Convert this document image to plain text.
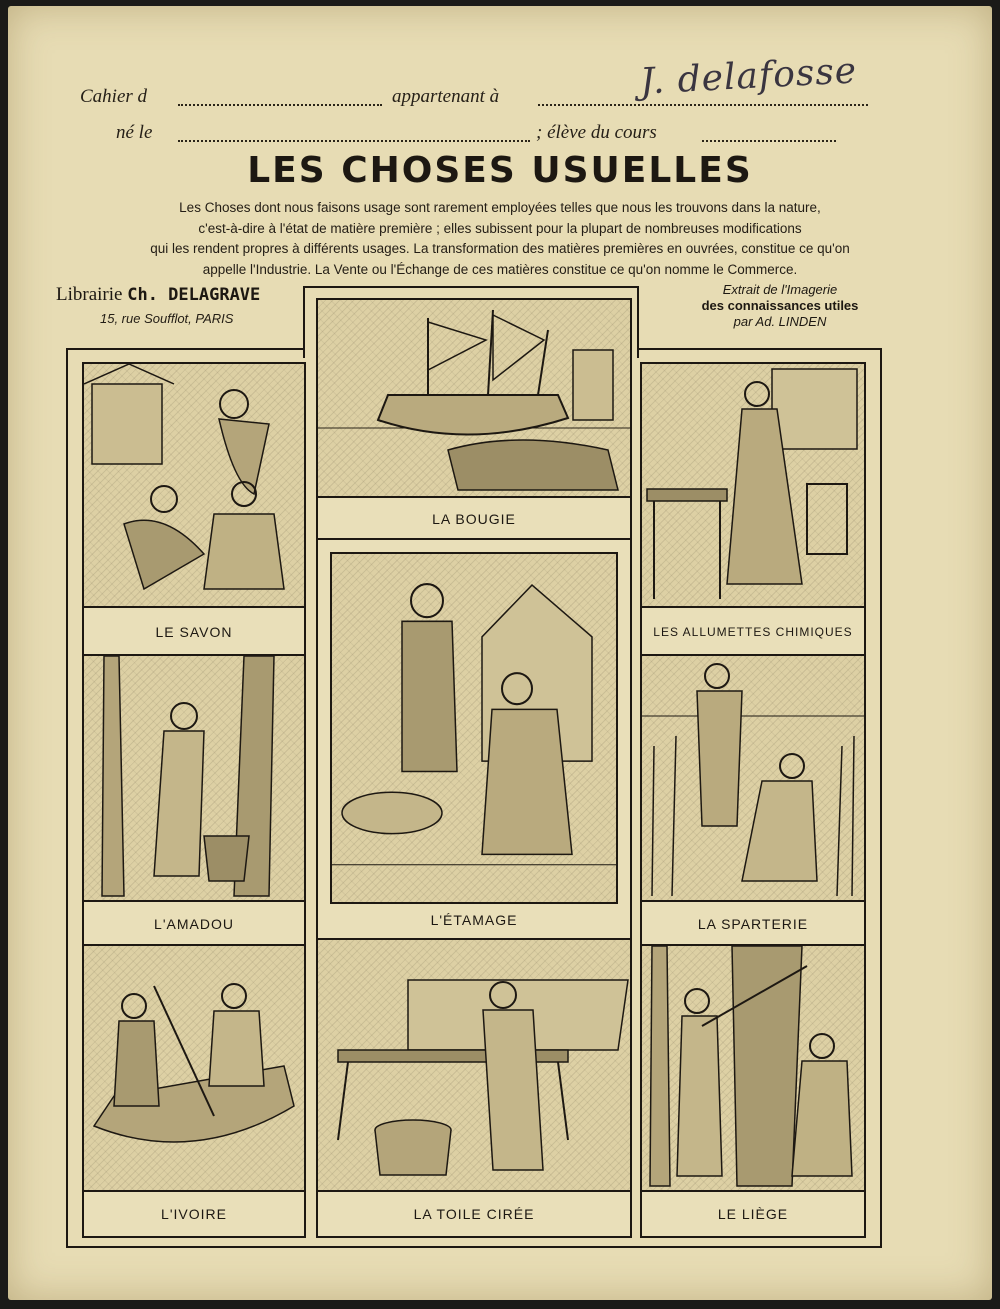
Cahier d	appartenant à	J. delafosse
né le	; élève du cours
LES CHOSES USUELLES
Les Choses dont nous faisons usage sont rarement employées telles que nous les trouvons dans la nature,
c'est-à-dire à l'état de matière première ; elles subissent pour la plupart de nombreuses modifications
qui les rendent propres à différents usages. La transformation des matières premières en ouvrées, constitue ce qu'on
appelle l'Industrie. La Vente ou l'Échange de ces matières constitue ce qu'on nomme le Commerce.
Librairie Ch. DELAGRAVE
15, rue Soufflot, PARIS
Extrait de l'Imagerie
des connaissances utiles
par Ad. LINDEN
LA BOUGIE
LE SAVON	LES ALLUMETTES CHIMIQUES
L'ÉTAMAGE
L'AMADOU	LA SPARTERIE
L'IVOIRE	LA TOILE CIRÉE	LE LIÈGE
